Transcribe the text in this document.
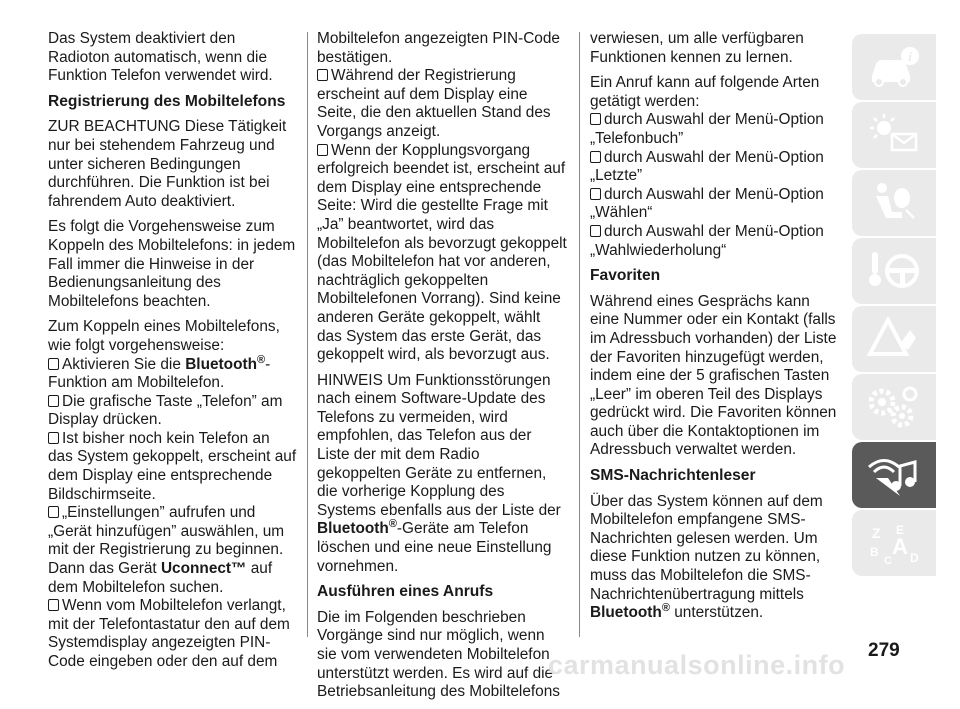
Das System deaktiviert den Radioton automatisch, wenn die Funktion Telefon verwendet wird.

Registrierung des Mobiltelefons

ZUR BEACHTUNG Diese Tätigkeit nur bei stehendem Fahrzeug und unter sicheren Bedingungen durchführen. Die Funktion ist bei fahrendem Auto deaktiviert.

Es folgt die Vorgehensweise zum Koppeln des Mobiltelefons: in jedem Fall immer die Hinweise in der Bedienungsanleitung des Mobiltelefons beachten.

Zum Koppeln eines Mobiltelefons, wie folgt vorgehensweise:

Aktivieren Sie die Bluetooth®-Funktion am Mobiltelefon.

Die grafische Taste „Telefon” am Display drücken.

Ist bisher noch kein Telefon an das System gekoppelt, erscheint auf dem Display eine entsprechende Bildschirmseite.

„Einstellungen” aufrufen und „Gerät hinzufügen” auswählen, um mit der Registrierung zu beginnen. Dann das Gerät Uconnect™ auf dem Mobiltelefon suchen.

Wenn vom Mobiltelefon verlangt, mit der Telefontastatur den auf dem Systemdisplay angezeigten PIN-Code eingeben oder den auf dem

Mobiltelefon angezeigten PIN-Code bestätigen.

Während der Registrierung erscheint auf dem Display eine Seite, die den aktuellen Stand des Vorgangs anzeigt.

Wenn der Kopplungsvorgang erfolgreich beendet ist, erscheint auf dem Display eine entsprechende Seite: Wird die gestellte Frage mit „Ja” beantwortet, wird das Mobiltelefon als bevorzugt gekoppelt (das Mobiltelefon hat vor anderen, nachträglich gekoppelten Mobiltelefonen Vorrang). Sind keine anderen Geräte gekoppelt, wählt das System das erste Gerät, das gekoppelt wird, als bevorzugt aus.

HINWEIS Um Funktionsstörungen nach einem Software-Update des Telefons zu vermeiden, wird empfohlen, das Telefon aus der Liste der mit dem Radio gekoppelten Geräte zu entfernen, die vorherige Kopplung des Systems ebenfalls aus der Liste der Bluetooth®-Geräte am Telefon löschen und eine neue Einstellung vornehmen.

Ausführen eines Anrufs

Die im Folgenden beschrieben Vorgänge sind nur möglich, wenn sie vom verwendeten Mobiltelefon unterstützt werden. Es wird auf die Betriebsanleitung des Mobiltelefons

verwiesen, um alle verfügbaren Funktionen kennen zu lernen.

Ein Anruf kann auf folgende Arten getätigt werden:

durch Auswahl der Menü-Option „Telefonbuch”

durch Auswahl der Menü-Option „Letzte”

durch Auswahl der Menü-Option „Wählen“

durch Auswahl der Menü-Option „Wahlwiederholung“

Favoriten

Während eines Gesprächs kann eine Nummer oder ein Kontakt (falls im Adressbuch vorhanden) der Liste der Favoriten hinzugefügt werden, indem eine der 5 grafischen Tasten „Leer” im oberen Teil des Displays gedrückt wird. Die Favoriten können auch über die Kontaktoptionen im Adressbuch verwaltet werden.

SMS-Nachrichtenleser

Über das System können auf dem Mobiltelefon empfangene SMS-Nachrichten gelesen werden. Um diese Funktion nutzen zu können, muss das Mobiltelefon die SMS-Nachrichtenübertragung mittels Bluetooth® unterstützen.

i
Z E
A
B
C D
279
carmanualsonline.info
